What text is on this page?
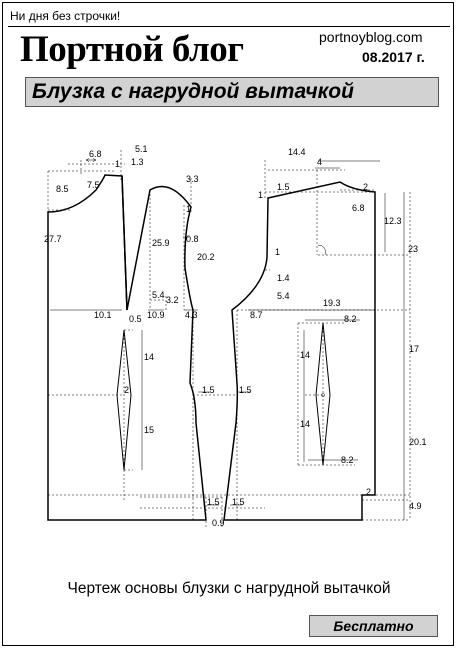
Ни дня без строчки!
Портной блог	portnoyblog.com
08.2017 г.
Блузка с нагрудной вытачкой
6.8	5.1
1 1.3
7.5
8.5
3.3
1
25.9 0.8
20.2
27.7
5.4 3.2
10.1 0.5 10.9 4.3
14
2
15
1.5	1.5
1.5 1.5
0.9
14.4
4
1
1.5	2
6.8
12.3
23
1
1.4
5.4
8.7
19.3
8.2
14
17
14
20.1
8.2
2
4.9
Чертеж основы блузки с нагрудной вытачкой
Бесплатно
